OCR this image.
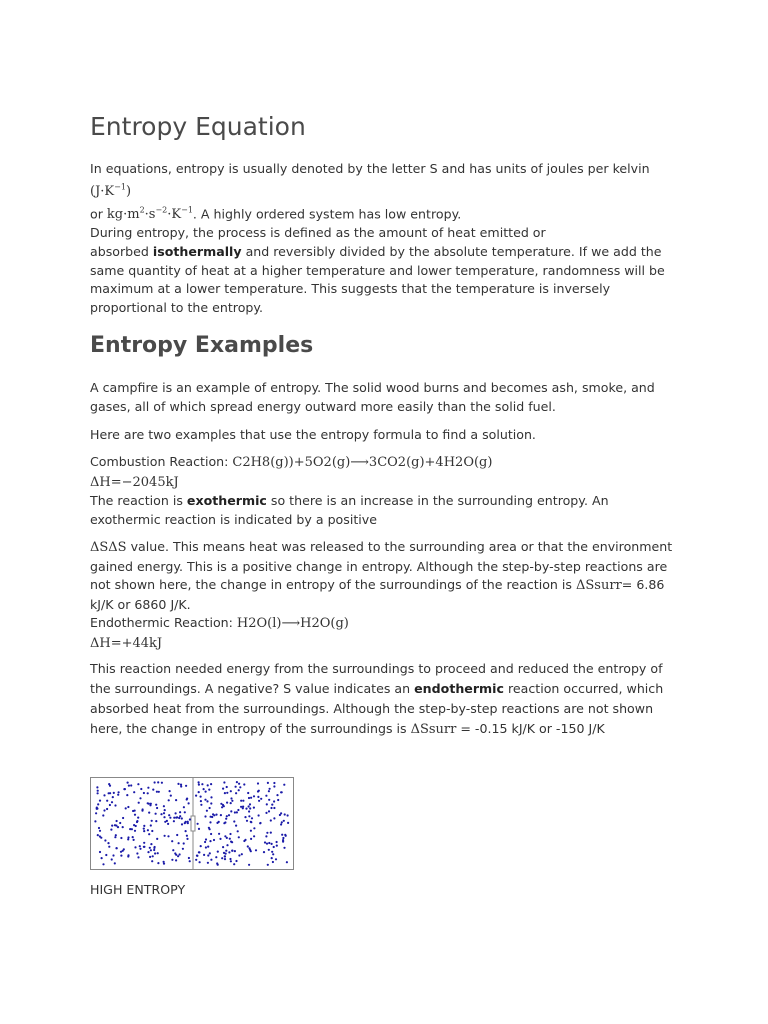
Entropy Equation
In equations, entropy is usually denoted by the letter S and has units of joules per kelvin $(J\cdot K^{-1})$
or $kg\cdot m^2\cdot s^{-2}\cdot K^{-1}$. A highly ordered system has low entropy.
During entropy, the process is defined as the amount of heat emitted or
absorbed isothermally and reversibly divided by the absolute temperature. If we add the same quantity of heat at a higher temperature and lower temperature, randomness will be maximum at a lower temperature. This suggests that the temperature is inversely proportional to the entropy.
Entropy Examples
A campfire is an example of entropy. The solid wood burns and becomes ash, smoke, and gases, all of which spread energy outward more easily than the solid fuel.
Here are two examples that use the entropy formula to find a solution.
Combustion Reaction: C2H8(g))+5O2(g)⟶3CO2(g)+4H2O(g)
ΔH=−2045kJ
The reaction is exothermic so there is an increase in the surrounding entropy. An exothermic reaction is indicated by a positive
ΔSΔS value. This means heat was released to the surrounding area or that the environment gained energy. This is a positive change in entropy. Although the step-by-step reactions are not shown here, the change in entropy of the surroundings of the reaction is ΔSsurr= 6.86 kJ/K or 6860 J/K.
Endothermic Reaction: H2O(l)⟶H2O(g)
ΔH=+44kJ
This reaction needed energy from the surroundings to proceed and reduced the entropy of the surroundings. A negative? S value indicates an endothermic reaction occurred, which absorbed heat from the surroundings. Although the step-by-step reactions are not shown here, the change in entropy of the surroundings is ΔSsurr = -0.15 kJ/K or -150 J/K
HIGH ENTROPY
